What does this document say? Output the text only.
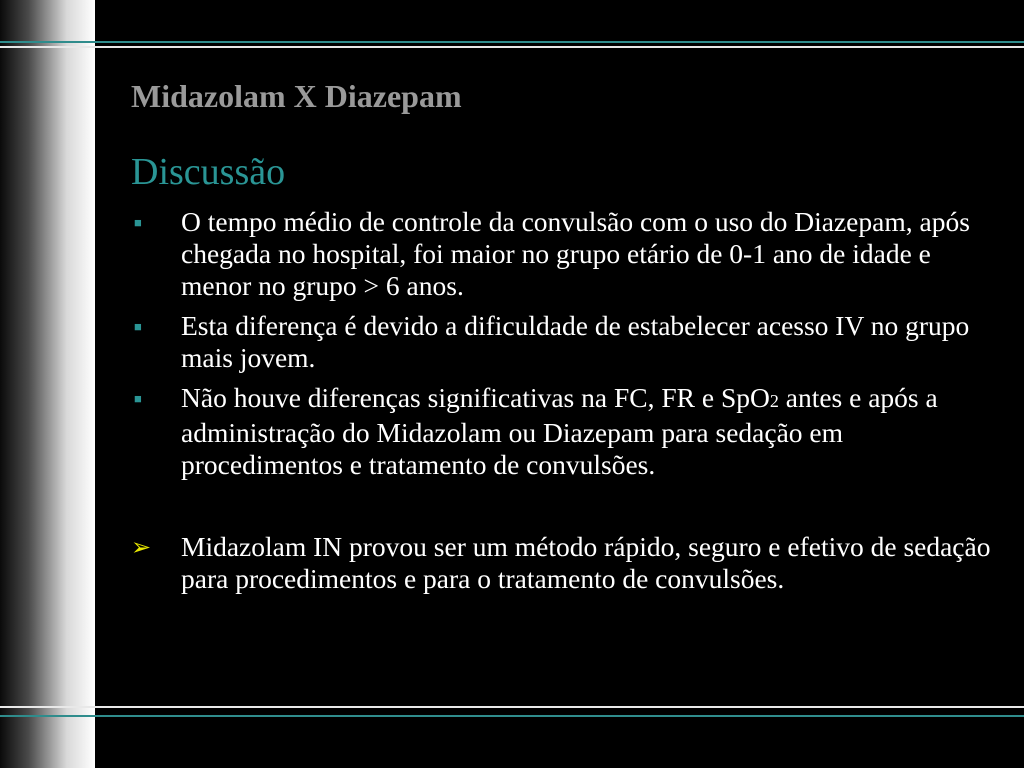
Midazolam X Diazepam
Discussão
■ O tempo médio de controle da convulsão com o uso do Diazepam, após chegada no hospital, foi maior no grupo etário de 0-1 ano de idade e menor no grupo > 6 anos.
■ Esta diferença é devido a dificuldade de estabelecer acesso IV no grupo mais jovem.
■ Não houve diferenças significativas na FC, FR e SpO2 antes e após a administração do Midazolam ou Diazepam para sedação em procedimentos e tratamento de convulsões.
➢ Midazolam IN provou ser um método rápido, seguro e efetivo de sedação para procedimentos e para o tratamento de convulsões.
